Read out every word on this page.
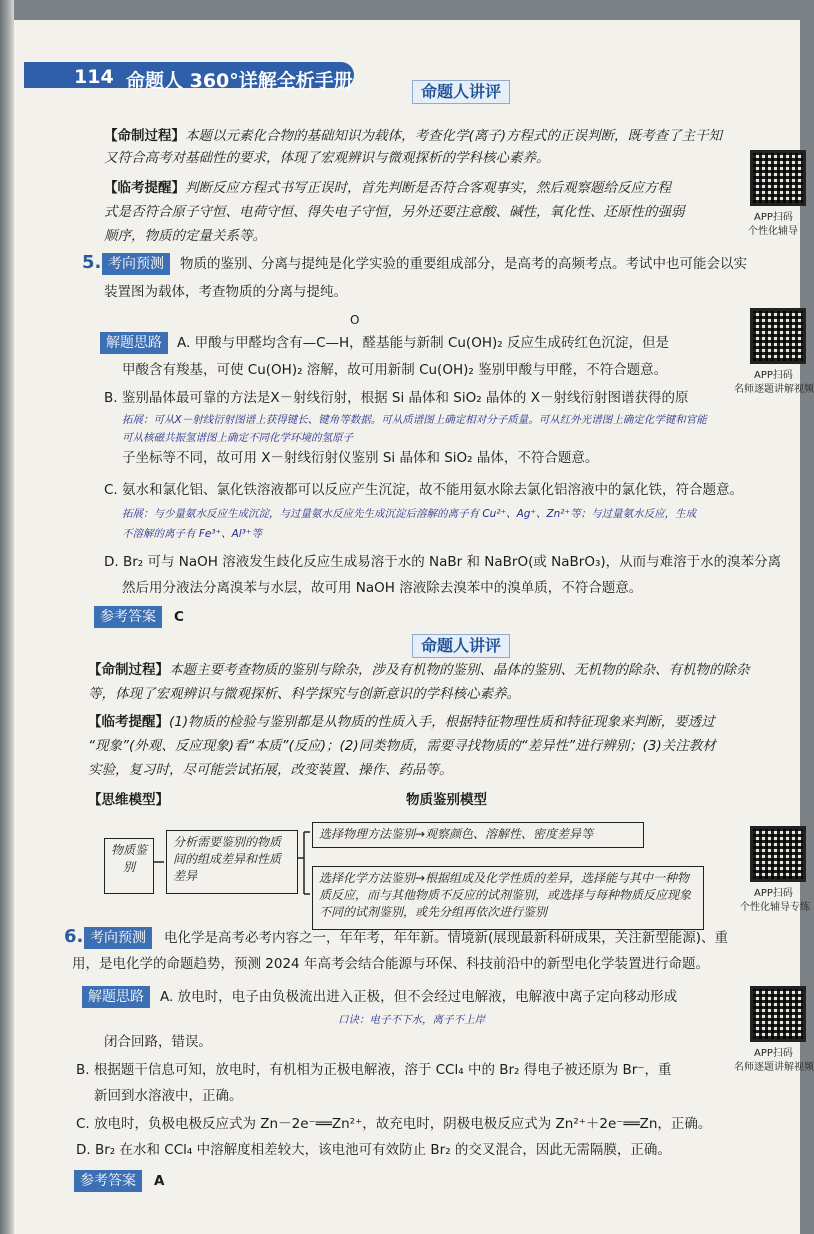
114 命题人 360°详解全析手册	命题人讲评
【命制过程】本题以元素化合物的基础知识为载体，考查化学(离子)方程式的正误判断，既考查了主干知
又符合高考对基础性的要求，体现了宏观辨识与微观探析的学科核心素养。
【临考提醒】判断反应方程式书写正误时，首先判断是否符合客观事实，然后观察题给反应方程
式是否符合原子守恒、电荷守恒、得失电子守恒，另外还要注意酸、碱性，氧化性、还原性的强弱
顺序，物质的定量关系等。
APP扫码
个性化辅导
5. 考向预测	物质的鉴别、分离与提纯是化学实验的重要组成部分，是高考的高频考点。考试中也可能会以实
装置图为载体，考查物质的分离与提纯。
解题思路
O
A. 甲酸与甲醛均含有—C—H，醛基能与新制 Cu(OH)₂ 反应生成砖红色沉淀，但是
甲酸含有羧基，可使 Cu(OH)₂ 溶解，故可用新制 Cu(OH)₂ 鉴别甲酸与甲醛，不符合题意。	APP扫码
名师逐题讲解视频
B. 鉴别晶体最可靠的方法是X－射线衍射，根据 Si 晶体和 SiO₂ 晶体的 X－射线衍射图谱获得的原
拓展：可从X－射线衍射图谱上获得键长、键角等数据。可从质谱图上确定相对分子质量。可从红外光谱图上确定化学键和官能
可从核磁共振氢谱图上确定不同化学环境的氢原子
子坐标等不同，故可用 X－射线衍射仪鉴别 Si 晶体和 SiO₂ 晶体，不符合题意。
C. 氨水和氯化铝、氯化铁溶液都可以反应产生沉淀，故不能用氨水除去氯化铝溶液中的氯化铁，符合题意。
拓展：与少量氨水反应生成沉淀，与过量氨水反应先生成沉淀后溶解的离子有 Cu²⁺、Ag⁺、Zn²⁺等；与过量氨水反应，生成
不溶解的离子有 Fe³⁺、Al³⁺等
D. Br₂ 可与 NaOH 溶液发生歧化反应生成易溶于水的 NaBr 和 NaBrO(或 NaBrO₃)，从而与难溶于水的溴苯分离
然后用分液法分离溴苯与水层，故可用 NaOH 溶液除去溴苯中的溴单质，不符合题意。
参考答案	C
命题人讲评
【命制过程】本题主要考查物质的鉴别与除杂，涉及有机物的鉴别、晶体的鉴别、无机物的除杂、有机物的除杂
等，体现了宏观辨识与微观探析、科学探究与创新意识的学科核心素养。
【临考提醒】(1)物质的检验与鉴别都是从物质的性质入手，根据特征物理性质和特征现象来判断，要透过
“现象”(外观、反应现象)看“本质”(反应)；(2)同类物质，需要寻找物质的“差异性”进行辨别；(3)关注教材
实验，复习时，尽可能尝试拓展，改变装置、操作、药品等。
【思维模型】	物质鉴别模型
物质鉴别
分析需要鉴别的物质间的组成差异和性质差异
选择物理方法鉴别→观察颜色、溶解性、密度差异等
选择化学方法鉴别→根据组成及化学性质的差异，选择能与其中一种物质反应，而与其他物质不反应的试剂鉴别，或选择与每种物质反应现象不同的试剂鉴别，或先分组再依次进行鉴别
APP扫码
个性化辅导专练
6. 考向预测	电化学是高考必考内容之一，年年考，年年新。情境新(展现最新科研成果，关注新型能源)、重
用，是电化学的命题趋势，预测 2024 年高考会结合能源与环保、科技前沿中的新型电化学装置进行命题。
解题思路	A. 放电时，电子由负极流出进入正极，但不会经过电解液，电解液中离子定向移动形成
口诀：电子不下水，离子不上岸
闭合回路，错误。
APP扫码
名师逐题讲解视频
B. 根据题干信息可知，放电时，有机相为正极电解液，溶于 CCl₄ 中的 Br₂ 得电子被还原为 Br⁻，重
新回到水溶液中，正确。
C. 放电时，负极电极反应式为 Zn－2e⁻══Zn²⁺，故充电时，阴极电极反应式为 Zn²⁺＋2e⁻══Zn，正确。
D. Br₂ 在水和 CCl₄ 中溶解度相差较大，该电池可有效防止 Br₂ 的交叉混合，因此无需隔膜，正确。
参考答案	A
